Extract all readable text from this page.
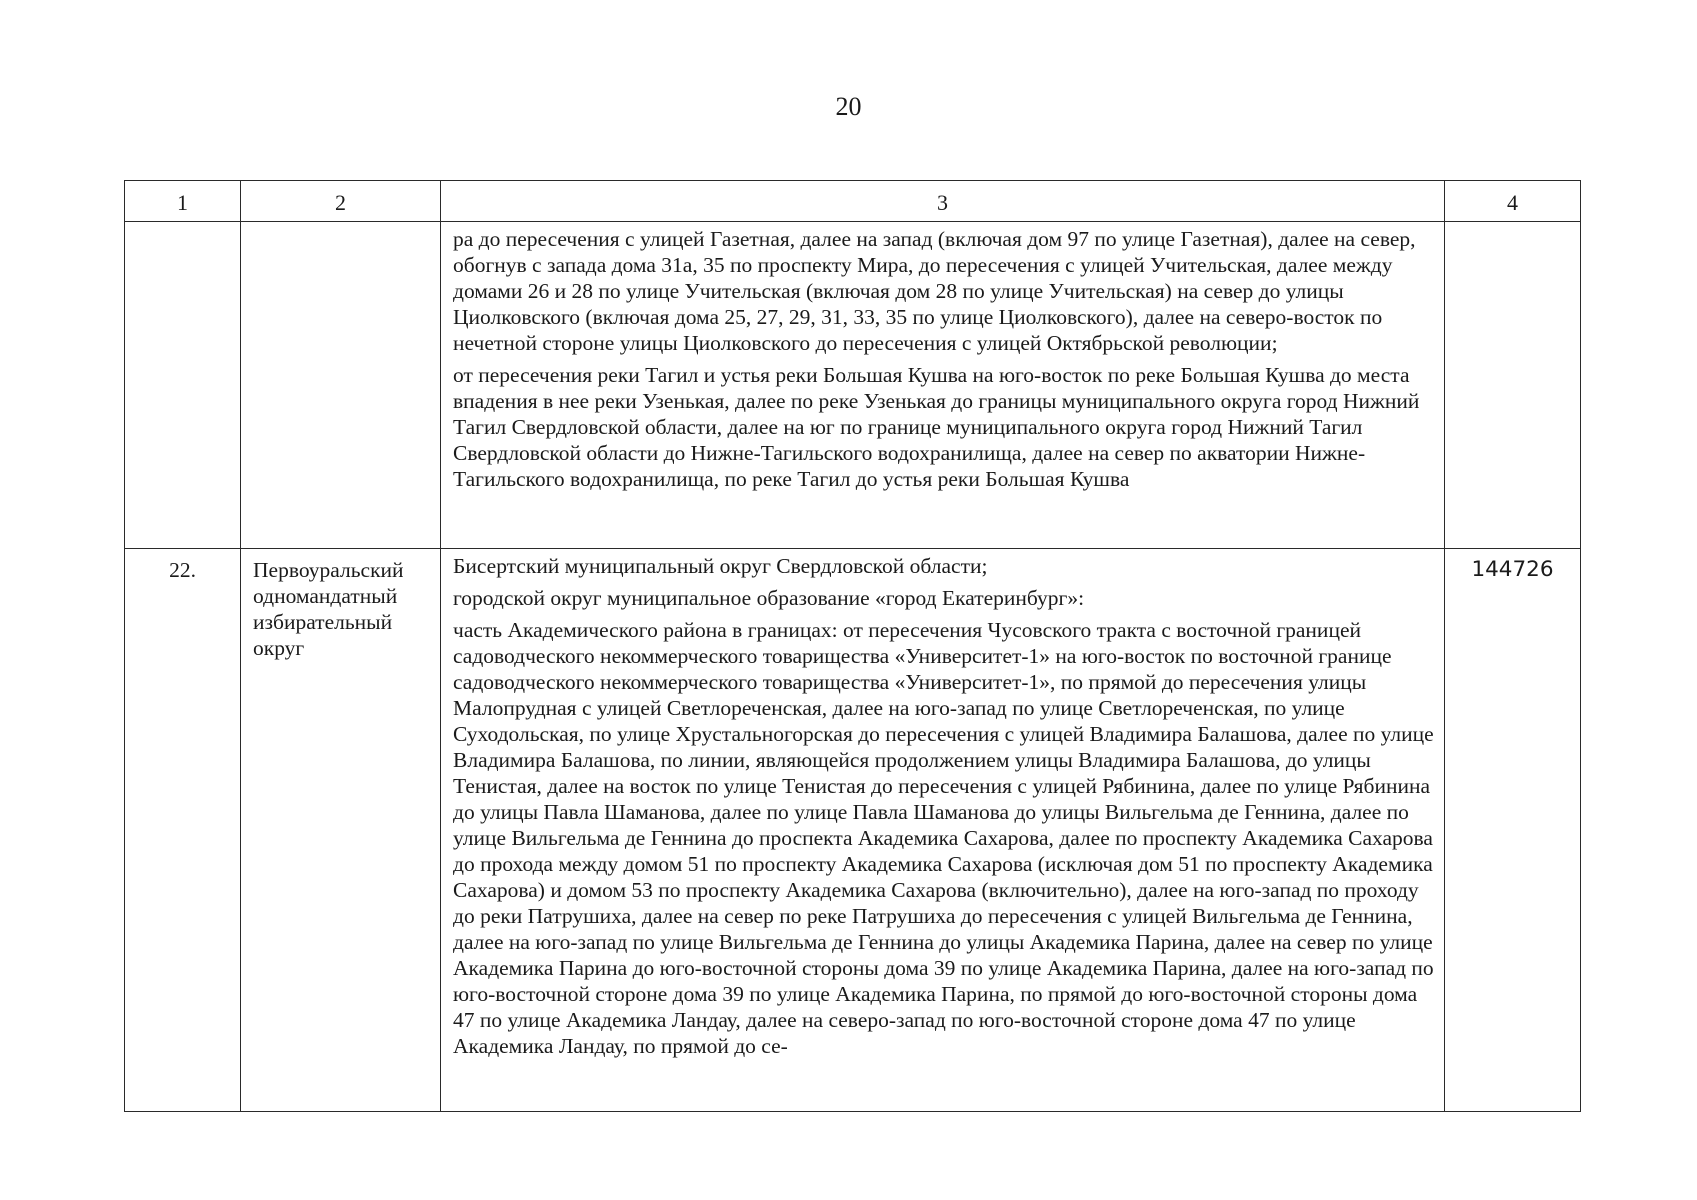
20
1	2	3	4

		ра до пересечения с улицей Газетная, далее на запад (включая дом 97 по улице Газетная), далее на север, обогнув с запада дома 31а, 35 по проспекту Мира, до пересечения с улицей Учительская, далее между домами 26 и 28 по улице Учительская (включая дом 28 по улице Учительская) на север до улицы Циолковского (включая дома 25, 27, 29, 31, 33, 35 по улице Циолковского), далее на северо-восток по нечетной стороне улицы Циолковского до пересечения с улицей Октябрьской революции;

от пересечения реки Тагил и устья реки Большая Кушва на юго-восток по реке Большая Кушва до места впадения в нее реки Узенькая, далее по реке Узенькая до границы муниципального округа город Нижний Тагил Свердловской области, далее на юг по границе муниципального округа город Нижний Тагил Свердловской области до Нижне-Тагильского водохранилища, далее на север по акватории Нижне-Тагильского водохранилища, по реке Тагил до устья реки Большая Кушва	

22.	Первоуральский одномандатный избирательный округ	Бисертский муниципальный округ Свердловской области;

городской округ муниципальное образование «город Екатеринбург»:

часть Академического района в границах: от пересечения Чусовского тракта с восточной границей садоводческого некоммерческого товарищества «Университет-1» на юго-восток по восточной границе садоводческого некоммерческого товарищества «Университет-1», по прямой до пересечения улицы Малопрудная с улицей Светлореченская, далее на юго-запад по улице Светлореченская, по улице Суходольская, по улице Хрустальногорская до пересечения с улицей Владимира Балашова, далее по улице Владимира Балашова, по линии, являющейся продолжением улицы Владимира Балашова, до улицы Тенистая, далее на восток по улице Тенистая до пересечения с улицей Рябинина, далее по улице Рябинина до улицы Павла Шаманова, далее по улице Павла Шаманова до улицы Вильгельма де Геннина, далее по улице Вильгельма де Геннина до проспекта Академика Сахарова, далее по проспекту Академика Сахарова до прохода между домом 51 по проспекту Академика Сахарова (исключая дом 51 по проспекту Академика Сахарова) и домом 53 по проспекту Академика Сахарова (включительно), далее на юго-запад по проходу до реки Патрушиха, далее на север по реке Патрушиха до пересечения с улицей Вильгельма де Геннина, далее на юго-запад по улице Вильгельма де Геннина до улицы Академика Парина, далее на север по улице Академика Парина до юго-восточной стороны дома 39 по улице Академика Парина, далее на юго-запад по юго-восточной стороне дома 39 по улице Академика Парина, по прямой до юго-восточной стороны дома 47 по улице Академика Ландау, далее на северо-запад по юго-восточной стороне дома 47 по улице Академика Ландау, по прямой до се-	144726
